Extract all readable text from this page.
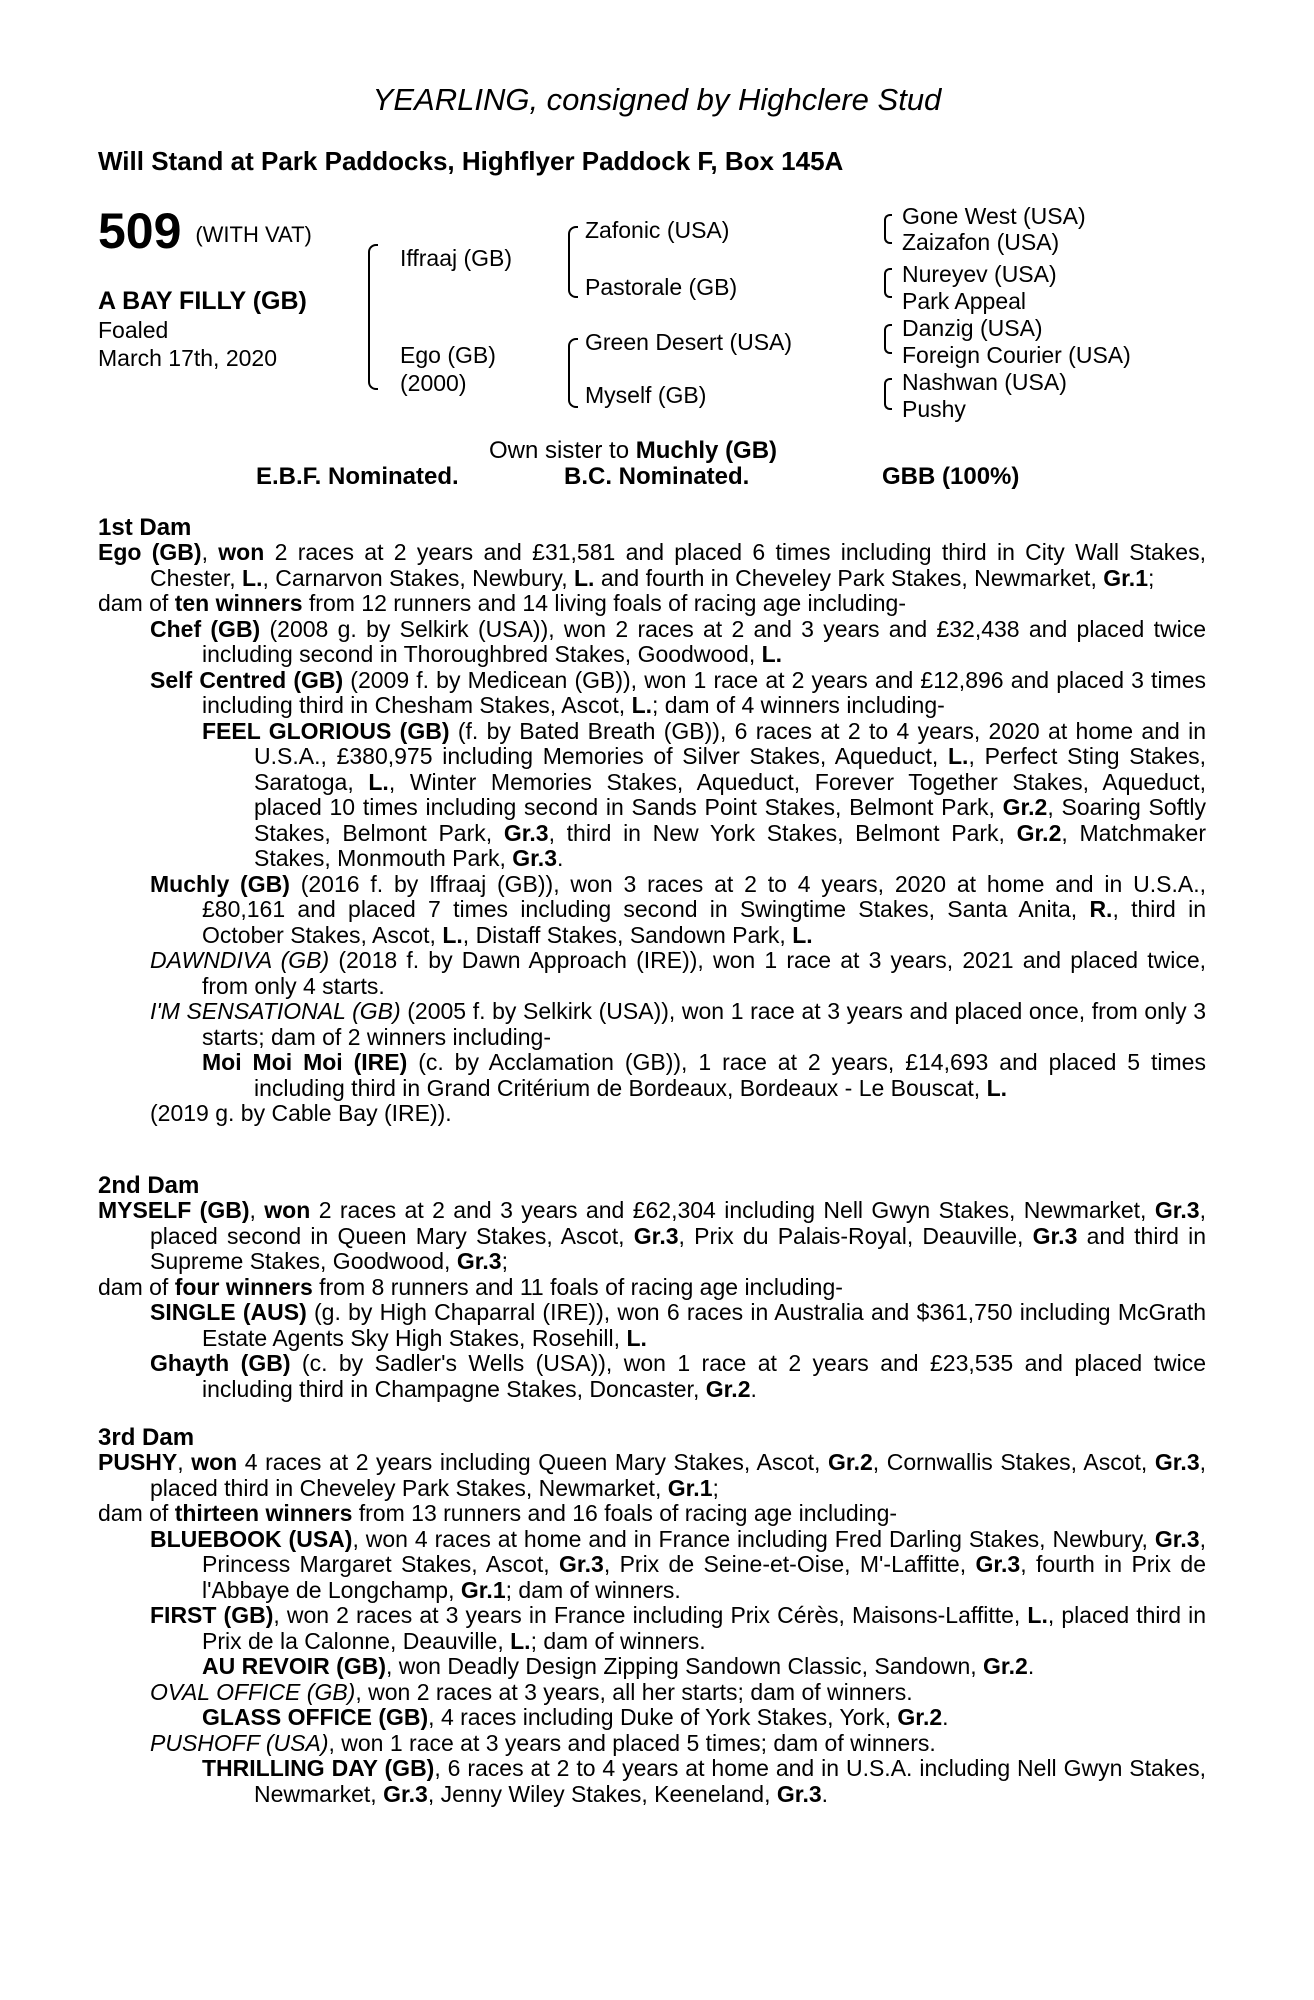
YEARLING, consigned by Highclere Stud
Will Stand at Park Paddocks, Highflyer Paddock F, Box 145A
509 (WITH VAT)
A BAY FILLY (GB)
Foaled
March 17th, 2020
Iffraaj (GB)
Ego (GB)
(2000)
Zafonic (USA)
Pastorale (GB)
Green Desert (USA)
Myself (GB)
Gone West (USA)
Zaizafon (USA)
Nureyev (USA)
Park Appeal
Danzig (USA)
Foreign Courier (USA)
Nashwan (USA)
Pushy
Own sister to Muchly (GB)
E.B.F. Nominated.	B.C. Nominated.	GBB (100%)
1st Dam

Ego (GB), won 2 races at 2 years and £31,581 and placed 6 times including third in City Wall Stakes, Chester, L., Carnarvon Stakes, Newbury, L. and fourth in Cheveley Park Stakes, Newmarket, Gr.1;

dam of ten winners from 12 runners and 14 living foals of racing age including-

Chef (GB) (2008 g. by Selkirk (USA)), won 2 races at 2 and 3 years and £32,438 and placed twice including second in Thoroughbred Stakes, Goodwood, L.

Self Centred (GB) (2009 f. by Medicean (GB)), won 1 race at 2 years and £12,896 and placed 3 times including third in Chesham Stakes, Ascot, L.; dam of 4 winners including-

FEEL GLORIOUS (GB) (f. by Bated Breath (GB)), 6 races at 2 to 4 years, 2020 at home and in U.S.A., £380,975 including Memories of Silver Stakes, Aqueduct, L., Perfect Sting Stakes, Saratoga, L., Winter Memories Stakes, Aqueduct, Forever Together Stakes, Aqueduct, placed 10 times including second in Sands Point Stakes, Belmont Park, Gr.2, Soaring Softly Stakes, Belmont Park, Gr.3, third in New York Stakes, Belmont Park, Gr.2, Matchmaker Stakes, Monmouth Park, Gr.3.

Muchly (GB) (2016 f. by Iffraaj (GB)), won 3 races at 2 to 4 years, 2020 at home and in U.S.A., £80,161 and placed 7 times including second in Swingtime Stakes, Santa Anita, R., third in October Stakes, Ascot, L., Distaff Stakes, Sandown Park, L.

DAWNDIVA (GB) (2018 f. by Dawn Approach (IRE)), won 1 race at 3 years, 2021 and placed twice, from only 4 starts.

I'M SENSATIONAL (GB) (2005 f. by Selkirk (USA)), won 1 race at 3 years and placed once, from only 3 starts; dam of 2 winners including-

Moi Moi Moi (IRE) (c. by Acclamation (GB)), 1 race at 2 years, £14,693 and placed 5 times including third in Grand Critérium de Bordeaux, Bordeaux - Le Bouscat, L.

(2019 g. by Cable Bay (IRE)).

2nd Dam

MYSELF (GB), won 2 races at 2 and 3 years and £62,304 including Nell Gwyn Stakes, Newmarket, Gr.3, placed second in Queen Mary Stakes, Ascot, Gr.3, Prix du Palais-Royal, Deauville, Gr.3 and third in Supreme Stakes, Goodwood, Gr.3;

dam of four winners from 8 runners and 11 foals of racing age including-

SINGLE (AUS) (g. by High Chaparral (IRE)), won 6 races in Australia and $361,750 including McGrath Estate Agents Sky High Stakes, Rosehill, L.

Ghayth (GB) (c. by Sadler's Wells (USA)), won 1 race at 2 years and £23,535 and placed twice including third in Champagne Stakes, Doncaster, Gr.2.

3rd Dam

PUSHY, won 4 races at 2 years including Queen Mary Stakes, Ascot, Gr.2, Cornwallis Stakes, Ascot, Gr.3, placed third in Cheveley Park Stakes, Newmarket, Gr.1;

dam of thirteen winners from 13 runners and 16 foals of racing age including-

BLUEBOOK (USA), won 4 races at home and in France including Fred Darling Stakes, Newbury, Gr.3, Princess Margaret Stakes, Ascot, Gr.3, Prix de Seine-et-Oise, M'-Laffitte, Gr.3, fourth in Prix de l'Abbaye de Longchamp, Gr.1; dam of winners.

FIRST (GB), won 2 races at 3 years in France including Prix Cérès, Maisons-Laffitte, L., placed third in Prix de la Calonne, Deauville, L.; dam of winners.

AU REVOIR (GB), won Deadly Design Zipping Sandown Classic, Sandown, Gr.2.

OVAL OFFICE (GB), won 2 races at 3 years, all her starts; dam of winners.

GLASS OFFICE (GB), 4 races including Duke of York Stakes, York, Gr.2.

PUSHOFF (USA), won 1 race at 3 years and placed 5 times; dam of winners.

THRILLING DAY (GB), 6 races at 2 to 4 years at home and in U.S.A. including Nell Gwyn Stakes, Newmarket, Gr.3, Jenny Wiley Stakes, Keeneland, Gr.3.
